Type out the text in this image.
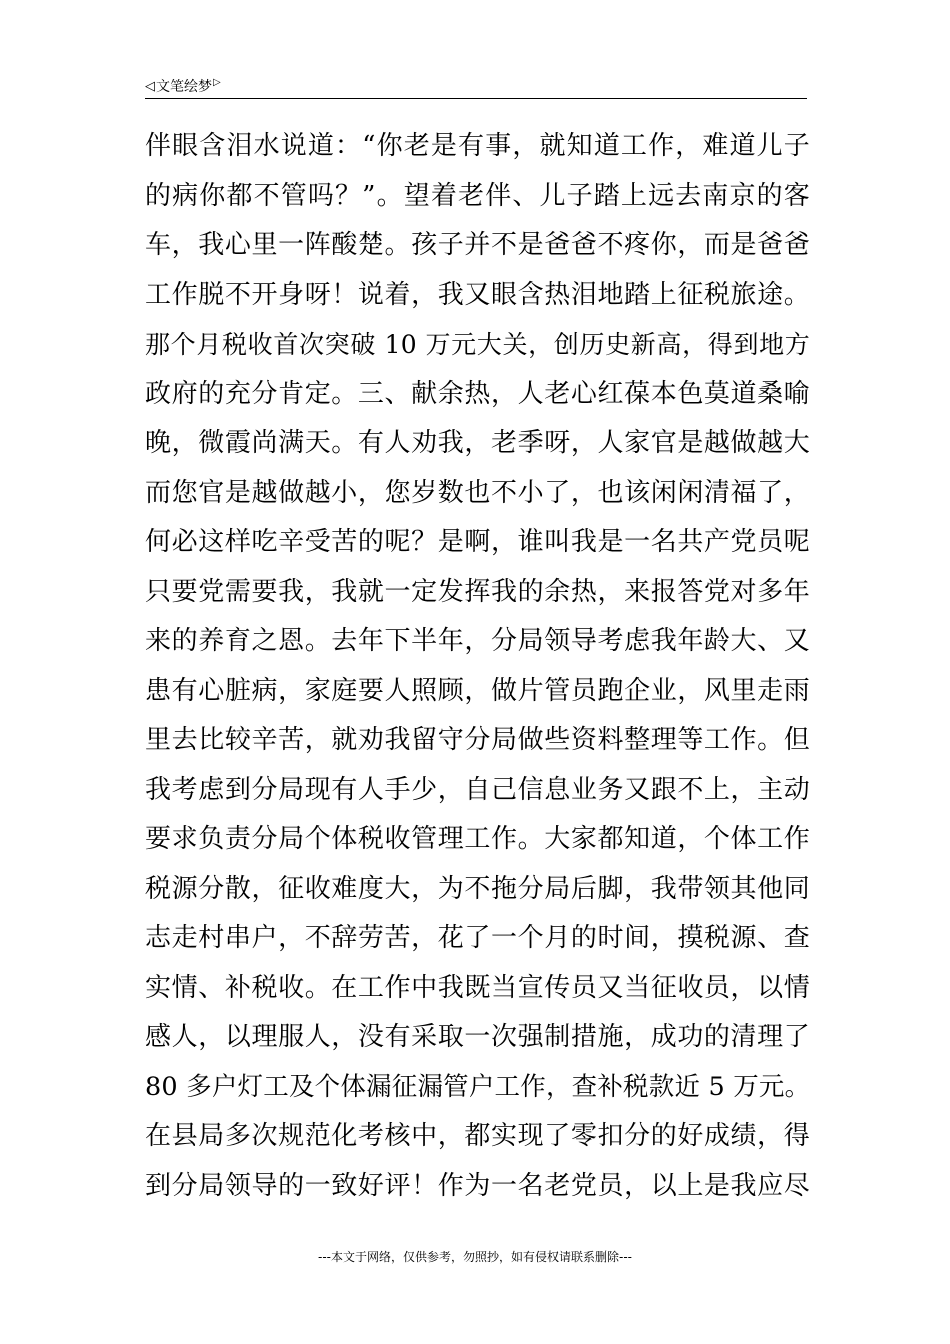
◁ 文笔绘梦 ▷
伴眼含泪水说道：“你老是有事，就知道工作，难道儿子
的病你都不管吗？”。望着老伴、儿子踏上远去南京的客
车，我心里一阵酸楚。孩子并不是爸爸不疼你，而是爸爸
工作脱不开身呀！说着，我又眼含热泪地踏上征税旅途。
那个月税收首次突破 10 万元大关，创历史新高，得到地方
政府的充分肯定。三、献余热，人老心红葆本色莫道桑喻
晚，微霞尚满天。有人劝我，老季呀，人家官是越做越大
而您官是越做越小，您岁数也不小了，也该闲闲清福了，
何必这样吃辛受苦的呢？是啊，谁叫我是一名共产党员呢
只要党需要我，我就一定发挥我的余热，来报答党对多年
来的养育之恩。去年下半年，分局领导考虑我年龄大、又
患有心脏病，家庭要人照顾，做片管员跑企业，风里走雨
里去比较辛苦，就劝我留守分局做些资料整理等工作。但
我考虑到分局现有人手少，自己信息业务又跟不上，主动
要求负责分局个体税收管理工作。大家都知道，个体工作
税源分散，征收难度大，为不拖分局后脚，我带领其他同
志走村串户，不辞劳苦，花了一个月的时间，摸税源、查
实情、补税收。在工作中我既当宣传员又当征收员，以情
感人，以理服人，没有采取一次强制措施，成功的清理了
80 多户灯工及个体漏征漏管户工作，查补税款近 5 万元。
在县局多次规范化考核中，都实现了零扣分的好成绩，得
到分局领导的一致好评！作为一名老党员，以上是我应尽
---本文于网络，仅供参考，勿照抄，如有侵权请联系删除---
